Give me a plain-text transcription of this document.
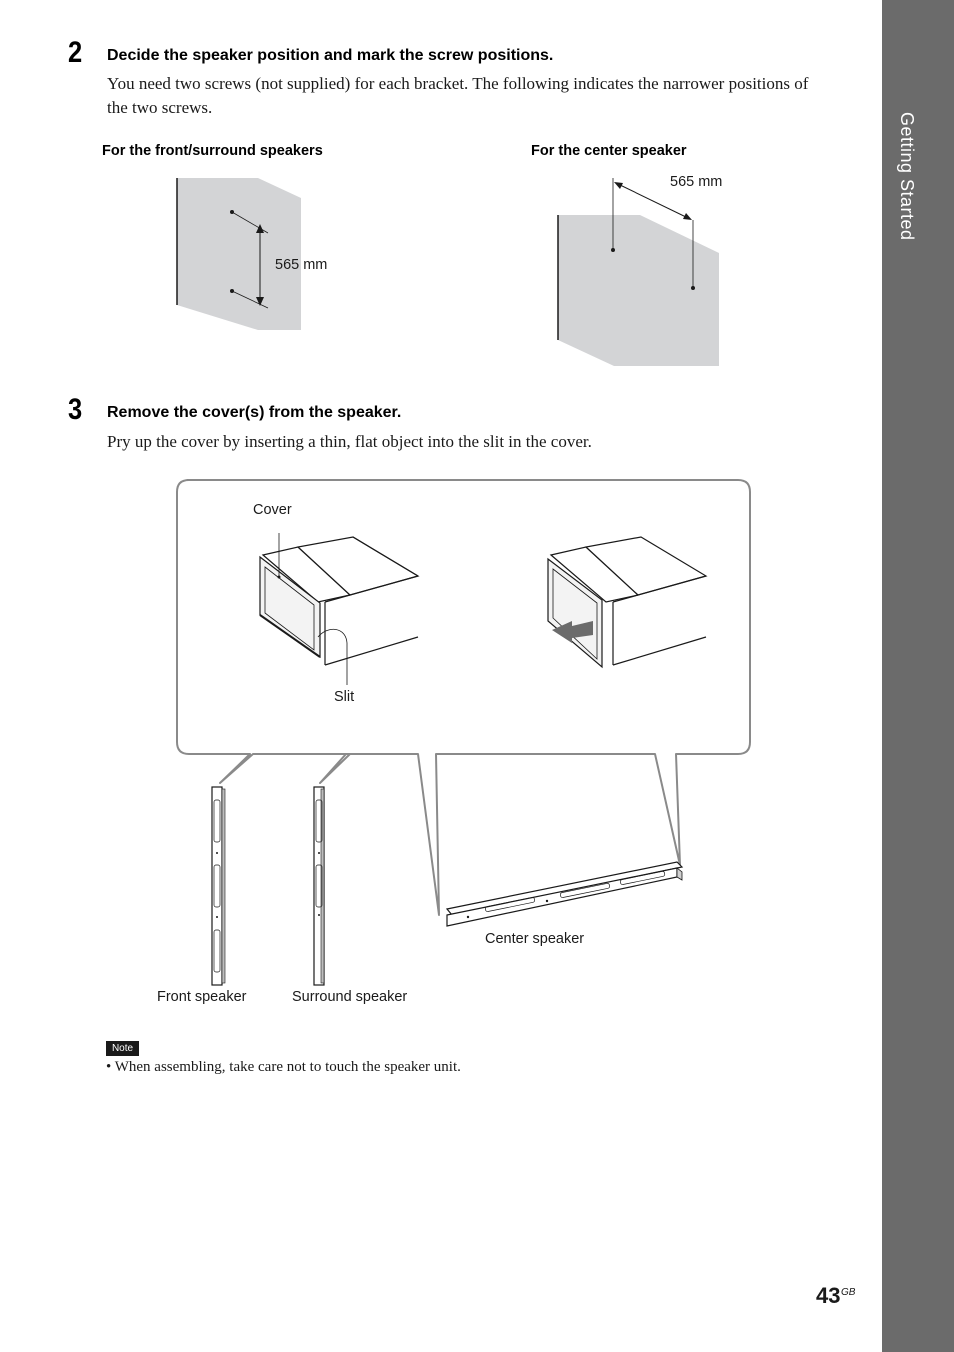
Getting Started
2 Decide the speaker position and mark the screw positions.
You need two screws (not supplied) for each bracket. The following indicates the narrower positions of the two screws.
For the front/surround speakers	For the center speaker
565 mm
565 mm
3 Remove the cover(s) from the speaker.
Pry up the cover by inserting a thin, flat object into the slit in the cover.
Cover
Slit
Center speaker
Front speaker	Surround speaker
Note
• When assembling, take care not to touch the speaker unit.
43 GB
